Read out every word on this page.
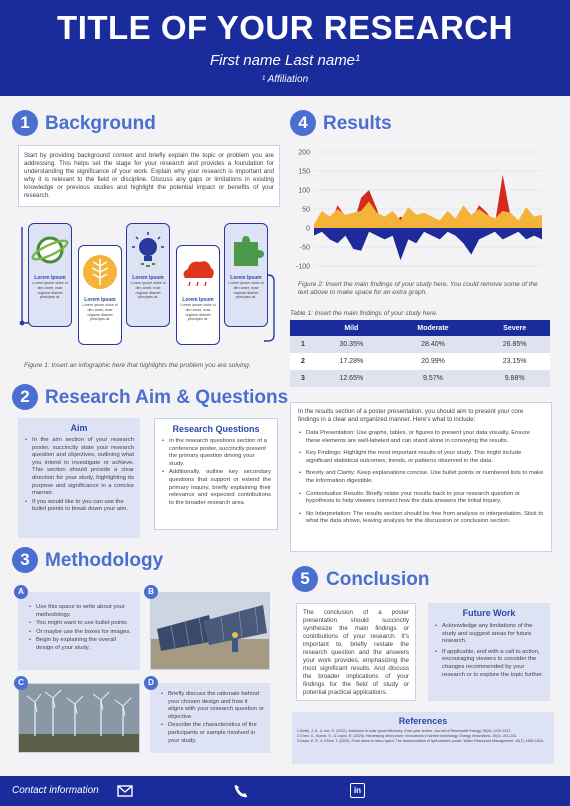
TITLE OF YOUR RESEARCH
First name Last name¹
¹ Affiliation
1 Background
Start by providing background context and briefly explain the topic or problem you are addressing. This helps set the stage for your research and provides a foundation for understanding the significance of your work. Explain why your research is important and why it is relevant to the field or discipline. Discuss any gaps or limitations in existing knowledge or previous studies and highlight the potential impact or benefits of your research.
Lorem Ipsum
Lorem ipsum dolor si dim amet, mae regione diamet principes at.	Lorem Ipsum
Lorem ipsum dolor si dim amet, mae regione diamet principes at.
Lorem Ipsum
Lorem ipsum dolor si dim amet, mae regione diamet principes at.	Lorem Ipsum
Lorem ipsum dolor si dim amet, mae regione diamet principes at.
Lorem Ipsum
Lorem ipsum dolor si dim amet, mae regione diamet principes at.
Figure 1: Insert an infographic here that highlights the problem you are solving.
2 Research Aim & Questions
Aim
• In the aim section of your research poster, succinctly state your research question and objectives, outlining what you intend to investigate or achieve. This section should provide a clear direction for your study, highlighting its purpose and significance in a concise manner.
• If you would like to you can use the bullet points to break down your aim.
Research Questions
• In the research questions section of a conference poster, succinctly present the primary question driving your study.
• Additionally, outline key secondary questions that support or extend the primary inquiry, briefly explaining their relevance and expected contributions to the broader research area.
3 Methodology
• Use this space to write about your methodology.
• You might want to use bullet points
• Or maybe use the boxes for images.
• Begin by explaining the overall design of your study.
A	B
C
• Briefly discuss the rationale behind your chosen design and how it aligns with your research question or objective.
• Describe the characteristics of the participants or sample involved in your study.
D
4 Results
-100
-50
0
50
100
150
200
Figure 2: Insert the main findings of your study here. You could remove some of the text above to make space for an extra graph.
Table 1: Insert the main findings of your study here.
	Mild	Moderate	Severe
1	30.35%	28.40%	26.85%
2	17.28%	20.99%	23.15%
3	12.65%	9.57%	9.88%
In the results section of a poster presentation, you should aim to present your core findings in a clear and organized manner. Here's what to include:
• Data Presentation: Use graphs, tables, or figures to present your data visually. Ensure these elements are well-labeled and can stand alone in conveying the results.
• Key Findings: Highlight the most important results of your study. This might include significant statistical outcomes, trends, or patterns observed in the data.
• Brevity and Clarity: Keep explanations concise. Use bullet points or numbered lists to make the information digestible.
• Contextualize Results: Briefly relate your results back to your research question or hypothesis to help viewers connect how the data answers the initial inquiry.
• No Interpretation: The results section should be free from analysis or interpretation. Stick to what the data shows, leaving analysis for the discussion or conclusion section.
5 Conclusion
The conclusion of a poster presentation should succinctly synthesize the main findings or contributions of your research. It's important to, briefly restate the research question and the answers your work provides, emphasizing the most significant results. And discuss the broader implications of your findings for the field of study or potential practical applications.
Future Work
• Acknowledge any limitations of the study and suggest areas for future research.
• If applicable, end with a call to action, encouraging viewers to consider the changes recommended by your research or to explore the topic further.
References
1.Smith, J. A., & Lee, R. (2022). Advances in solar panel efficiency: A ten-year review. Journal of Renewable Energy, 56(4), 1234-1247.
2.Chen, X., Kumar, S., & Lopez, R. (2020). Harnessing wind power: Innovations in turbine technology. Energy Innovations, 29(3), 201-215.
3.Davis, E. P., & O'Neil, T. (2020). From dams to micro-hydro: The transformation of hydroelectric power. Water Resources Management, 40(7), 1589-1604.
Contact information	in
